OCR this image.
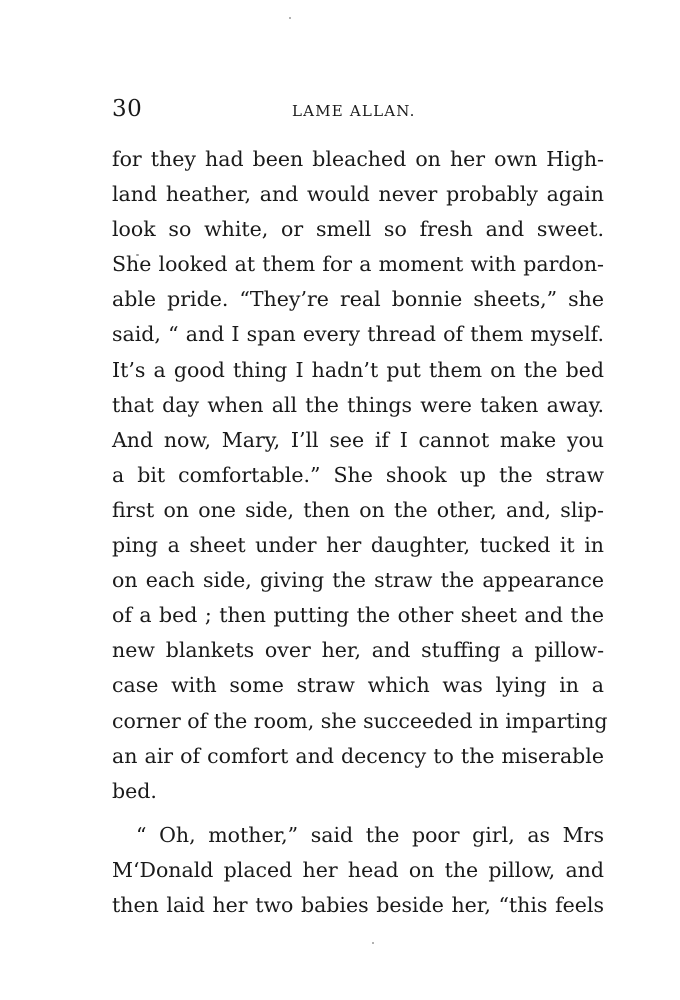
30	LAME ALLAN.
for they had been bleached on her own High-
land heather, and would never probably again
look so white, or smell so fresh and sweet.
She looked at them for a moment with pardon-
able pride. “They’re real bonnie sheets,” she
said, “ and I span every thread of them myself.
It’s a good thing I hadn’t put them on the bed
that day when all the things were taken away.
And now, Mary, I’ll see if I cannot make you
a bit comfortable.” She shook up the straw
first on one side, then on the other, and, slip-
ping a sheet under her daughter, tucked it in
on each side, giving the straw the appearance
of a bed ; then putting the other sheet and the
new blankets over her, and stuffing a pillow-
case with some straw which was lying in a
corner of the room, she succeeded in imparting
an air of comfort and decency to the miserable
bed.
“ Oh, mother,” said the poor girl, as Mrs
MʻDonald placed her head on the pillow, and
then laid her two babies beside her, “this feels
